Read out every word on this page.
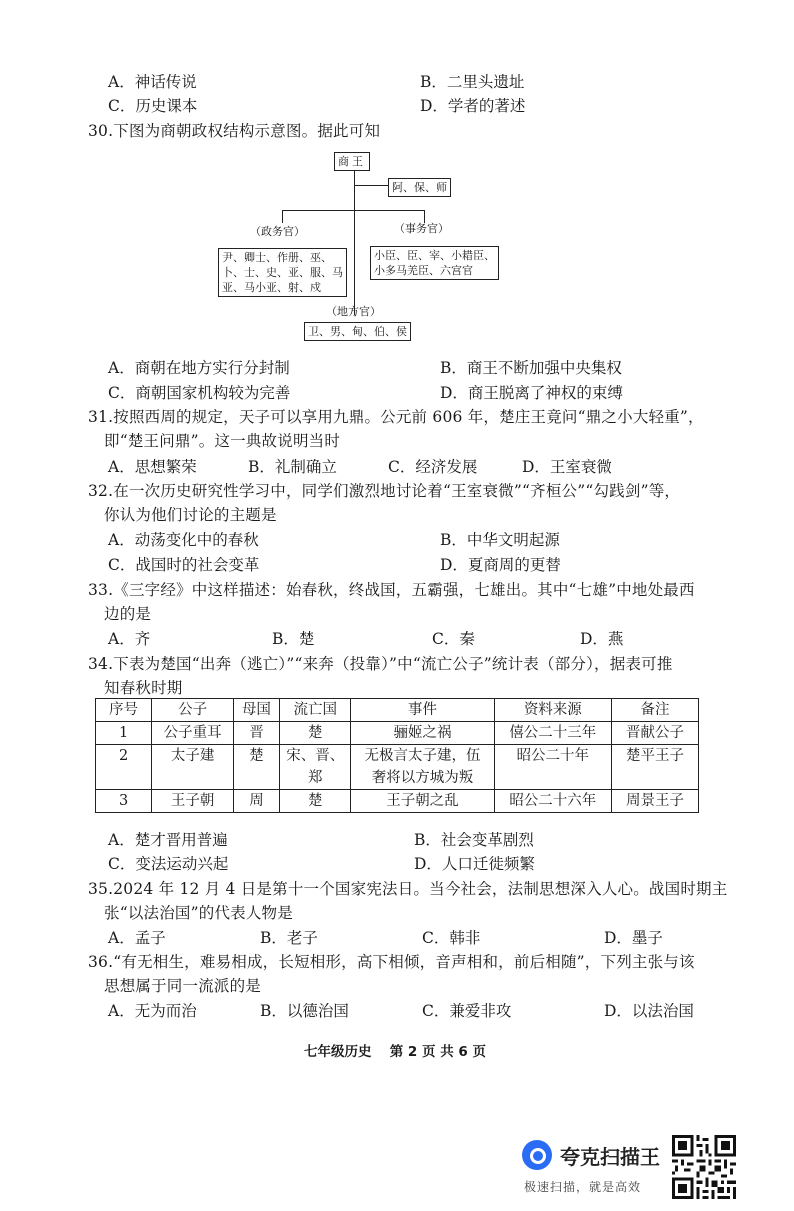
A．神话传说	B．二里头遗址
C．历史课本	D．学者的著述
30.下图为商朝政权结构示意图。据此可知
商王
阿、保、师
（政务官）	（事务官）
尹、卿士、作册、巫、
卜、士、史、亚、服、马
亚、马小亚、射、戍
小臣、臣、宰、小耤臣、
小多马羌臣、六宫官
（地方官）
卫、男、甸、伯、侯
A．商朝在地方实行分封制	B．商王不断加强中央集权
C．商朝国家机构较为完善	D．商王脱离了神权的束缚
31.按照西周的规定，天子可以享用九鼎。公元前 606 年，楚庄王竟问“鼎之小大轻重”，
即“楚王问鼎”。这一典故说明当时
A．思想繁荣	B．礼制确立	C．经济发展	D．王室衰微
32.在一次历史研究性学习中，同学们激烈地讨论着“王室衰微”“齐桓公”“勾践剑”等，
你认为他们讨论的主题是
A．动荡变化中的春秋	B．中华文明起源
C．战国时的社会变革	D．夏商周的更替
33.《三字经》中这样描述：始春秋，终战国，五霸强，七雄出。其中“七雄”中地处最西
边的是
A．齐	B．楚	C．秦	D．燕
34.下表为楚国“出奔（逃亡）”“来奔（投靠）”中“流亡公子”统计表（部分），据表可推
知春秋时期
序号	公子	母国	流亡国	事件	资料来源	备注
1	公子重耳	晋	楚	骊姬之祸	僖公二十三年	晋献公子
2	太子建	楚	宋、晋、
郑	无极言太子建，伍
奢将以方城为叛	昭公二十年	楚平王子
3	王子朝	周	楚	王子朝之乱	昭公二十六年	周景王子
A．楚才晋用普遍	B．社会变革剧烈
C．变法运动兴起	D．人口迁徙频繁
35.2024 年 12 月 4 日是第十一个国家宪法日。当今社会，法制思想深入人心。战国时期主
张“以法治国”的代表人物是
A．孟子	B．老子	C．韩非	D．墨子
36.“有无相生，难易相成，长短相形，高下相倾，音声相和，前后相随”，下列主张与该
思想属于同一流派的是
A．无为而治	B．以德治国	C．兼爱非攻	D．以法治国
七年级历史　 第 2 页 共 6 页
夸克扫描王
极速扫描，就是高效
